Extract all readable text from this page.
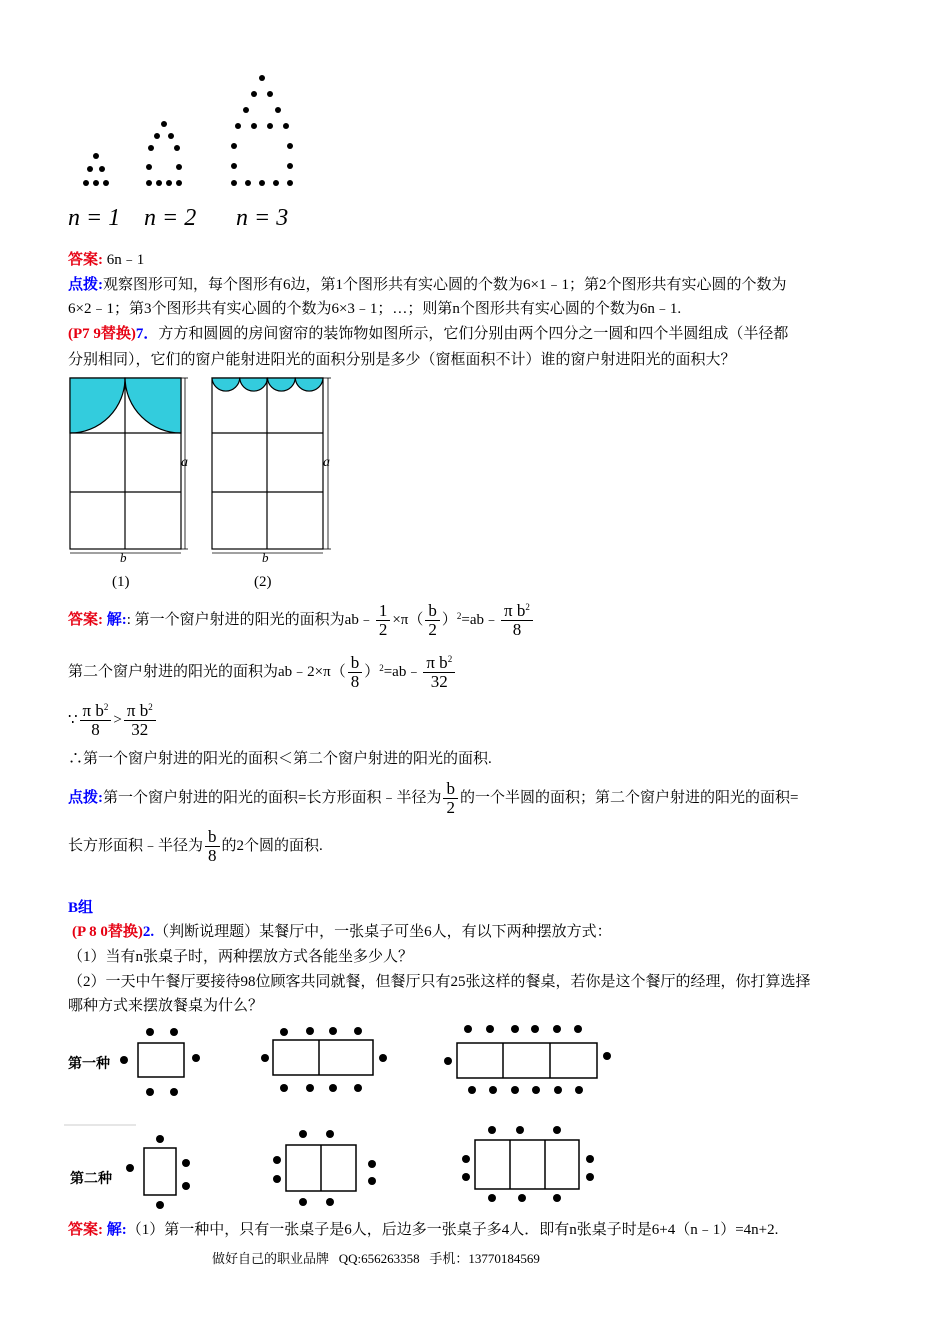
n = 1 n = 2 n = 3
答案: 6n﹣1
点拨:观察图形可知，每个图形有6边，第1个图形共有实心圆的个数为6×1﹣1；第2个图形共有实心圆的个数为
6×2﹣1；第3个图形共有实心圆的个数为6×3﹣1；…；则第n个图形共有实心圆的个数为6n﹣1.
(P7 9替换)7．方方和圆圆的房间窗帘的装饰物如图所示，它们分别由两个四分之一圆和四个半圆组成（半径都
分别相同），它们的窗户能射进阳光的面积分别是多少（窗框面积不计）谁的窗户射进阳光的面积大？
a
b
(1)
a
b
(2)
答案: 解:: 第一个窗户射进的阳光的面积为ab﹣ $\frac{1}{2} \times\pi( \frac{b}{2}$ ）$^2=ab﹣ \frac{\pi b^2}{8}$
第二个窗户射进的阳光的面积为ab﹣2×π（ $\frac{b}{8}$ ）$^2$=ab﹣ $\frac{\pi b^2}{32}$
∵ $\frac{\pi b^2}{8} > \frac{\pi b^2}{32}$
∴第一个窗户射进的阳光的面积＜第二个窗户射进的阳光的面积.
点拨:第一个窗户射进的阳光的面积=长方形面积﹣半径为 $\frac{b}{2}$ 的一个半圆的面积；第二个窗户射进的阳光的面积=
长方形面积﹣半径为 $\frac{b}{8}$ 的2个圆的面积.
B组
(P 8 0替换)2.（判断说理题）某餐厅中，一张桌子可坐6人，有以下两种摆放方式：
（1）当有n张桌子时，两种摆放方式各能坐多少人？
（2）一天中午餐厅要接待98位顾客共同就餐，但餐厅只有25张这样的餐桌，若你是这个餐厅的经理，你打算选择
哪种方式来摆放餐桌为什么？
第一种
第二种
答案: 解:（1）第一种中，只有一张桌子是6人，后边多一张桌子多4人．即有n张桌子时是6+4（n﹣1）=4n+2.
做好自己的职业品牌   QQ:656263358   手机：13770184569
